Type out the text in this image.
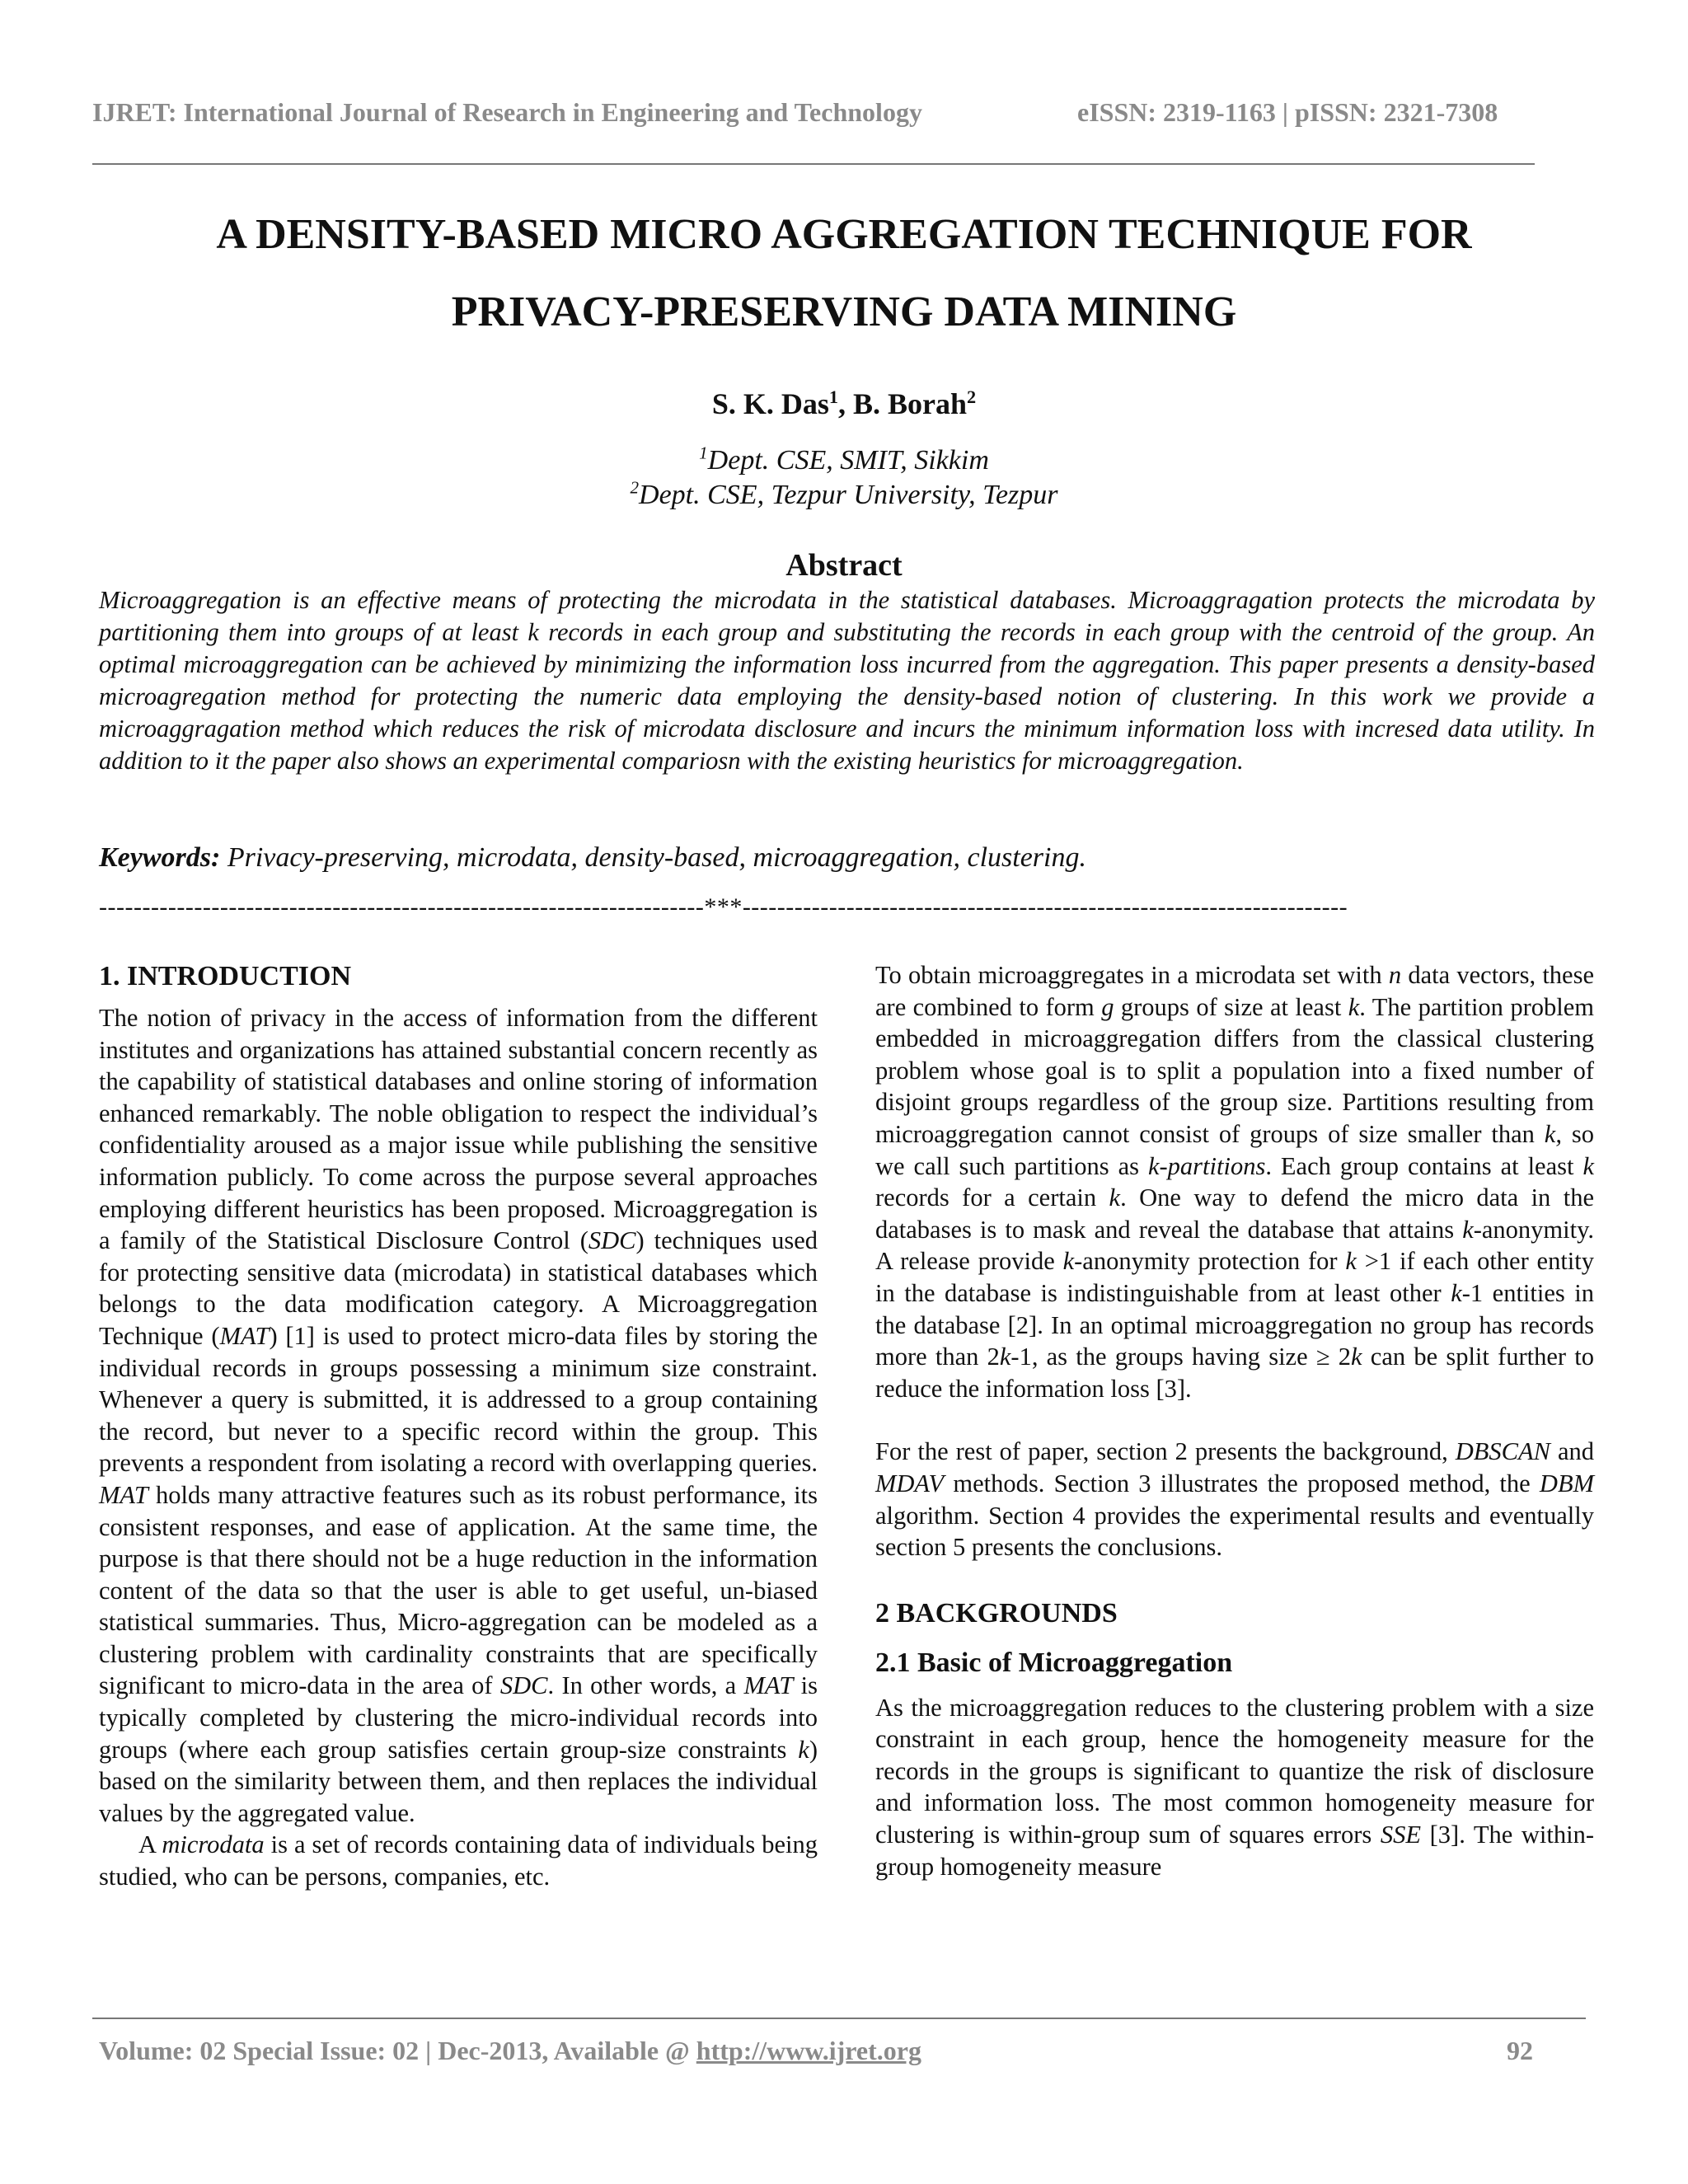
IJRET: International Journal of Research in Engineering and Technology	eISSN: 2319-1163 | pISSN: 2321-7308
A DENSITY-BASED MICRO AGGREGATION TECHNIQUE FOR
PRIVACY-PRESERVING DATA MINING
S. K. Das$^1$, B. Borah$^2$
$^1$Dept. CSE, SMIT, Sikkim
$^2$Dept. CSE, Tezpur University, Tezpur
Abstract

Microaggregation is an effective means of protecting the microdata in the statistical databases. Microaggragation protects the microdata by partitioning them into groups of at least k records in each group and substituting the records in each group with the centroid of the group. An optimal microaggregation can be achieved by minimizing the information loss incurred from the aggregation. This paper presents a density-based microagregation method for protecting the numeric data employing the density-based notion of clustering. In this work we provide a microaggragation method which reduces the risk of microdata disclosure and incurs the minimum information loss with incresed data utility. In addition to it the paper also shows an experimental compariosn with the existing heuristics for microaggregation.

Keywords: Privacy-preserving, microdata, density-based, microaggregation, clustering.
----------------------------------------------------------------------***----------------------------------------------------------------------
1. INTRODUCTION

The notion of privacy in the access of information from the different institutes and organizations has attained substantial concern recently as the capability of statistical databases and online storing of information enhanced remarkably. The noble obligation to respect the individual’s confidentiality aroused as a major issue while publishing the sensitive information publicly. To come across the purpose several approaches employing different heuristics has been proposed. Microaggregation is a family of the Statistical Disclosure Control (SDC) techniques used for protecting sensitive data (microdata) in statistical databases which belongs to the data modification category. A Microaggregation Technique (MAT) [1] is used to protect micro-data files by storing the individual records in groups possessing a minimum size constraint. Whenever a query is submitted, it is addressed to a group containing the record, but never to a specific record within the group. This prevents a respondent from isolating a record with overlapping queries. MAT holds many attractive features such as its robust performance, its consistent responses, and ease of application. At the same time, the purpose is that there should not be a huge reduction in the information content of the data so that the user is able to get useful, un-biased statistical summaries. Thus, Micro-aggregation can be modeled as a clustering problem with cardinality constraints that are specifically significant to micro-data in the area of SDC. In other words, a MAT is typically completed by clustering the micro-individual records into groups (where each group satisfies certain group-size constraints k) based on the similarity between them, and then replaces the individual values by the aggregated value.

A microdata is a set of records containing data of individuals being studied, who can be persons, companies, etc.

To obtain microaggregates in a microdata set with n data vectors, these are combined to form g groups of size at least k. The partition problem embedded in microaggregation differs from the classical clustering problem whose goal is to split a population into a fixed number of disjoint groups regardless of the group size. Partitions resulting from microaggregation cannot consist of groups of size smaller than k, so we call such partitions as k-partitions. Each group contains at least k records for a certain k. One way to defend the micro data in the databases is to mask and reveal the database that attains k-anonymity. A release provide k-anonymity protection for k >1 if each other entity in the database is indistinguishable from at least other k-1 entities in the database [2]. In an optimal microaggregation no group has records more than 2k-1, as the groups having size ≥ 2k can be split further to reduce the information loss [3].

For the rest of paper, section 2 presents the background, DBSCAN and MDAV methods. Section 3 illustrates the proposed method, the DBM algorithm. Section 4 provides the experimental results and eventually section 5 presents the conclusions.

2 BACKGROUNDS
2.1 Basic of Microaggregation

As the microaggregation reduces to the clustering problem with a size constraint in each group, hence the homogeneity measure for the records in the groups is significant to quantize the risk of disclosure and information loss. The most common homogeneity measure for clustering is within-group sum of squares errors SSE [3]. The within-group homogeneity measure

Volume: 02 Special Issue: 02 | Dec-2013, Available @ http://www.ijret.org	92
